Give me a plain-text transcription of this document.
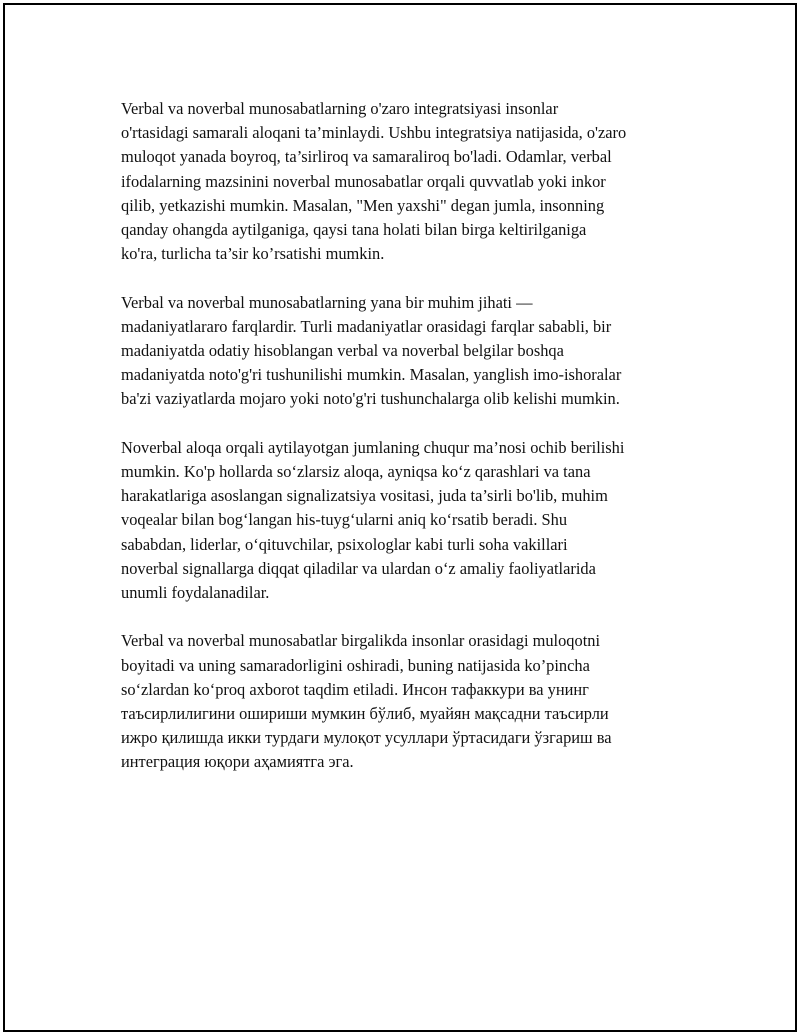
Verbal va noverbal munosabatlarning o'zaro integratsiyasi insonlar
o'rtasidagi samarali aloqani ta’minlaydi. Ushbu integratsiya natijasida, o'zaro
muloqot yanada boyroq, ta’sirliroq va samaraliroq bo'ladi. Odamlar, verbal
ifodalarning mazsinini noverbal munosabatlar orqali quvvatlab yoki inkor
qilib, yetkazishi mumkin. Masalan, "Men yaxshi" degan jumla, insonning
qanday ohangda aytilganiga, qaysi tana holati bilan birga keltirilganiga
ko'ra, turlicha ta’sir ko’rsatishi mumkin.

Verbal va noverbal munosabatlarning yana bir muhim jihati —
madaniyatlararo farqlardir. Turli madaniyatlar orasidagi farqlar sababli, bir
madaniyatda odatiy hisoblangan verbal va noverbal belgilar boshqa
madaniyatda noto'g'ri tushunilishi mumkin. Masalan, yanglish imo-ishoralar
ba'zi vaziyatlarda mojaro yoki noto'g'ri tushunchalarga olib kelishi mumkin.

Noverbal aloqa orqali aytilayotgan jumlaning chuqur ma’nosi ochib berilishi
mumkin. Ko'p hollarda so‘zlarsiz aloqa, ayniqsa ko‘z qarashlari va tana
harakatlariga asoslangan signalizatsiya vositasi, juda ta’sirli bo'lib, muhim
voqealar bilan bog‘langan his-tuyg‘ularni aniq ko‘rsatib beradi. Shu
sababdan, liderlar, o‘qituvchilar, psixologlar kabi turli soha vakillari
noverbal signallarga diqqat qiladilar va ulardan o‘z amaliy faoliyatlarida
unumli foydalanadilar.

Verbal va noverbal munosabatlar birgalikda insonlar orasidagi muloqotni
boyitadi va uning samaradorligini oshiradi, buning natijasida ko’pincha
so‘zlardan ko‘proq axborot taqdim etiladi. Инсон тафаккури ва унинг
таъсирлилигини ошириши мумкин бўлиб, муайян мақсадни таъсирли
ижро қилишда икки турдаги мулоқот усуллари ўртасидаги ўзгариш ва
интеграция юқори аҳамиятга эга.
